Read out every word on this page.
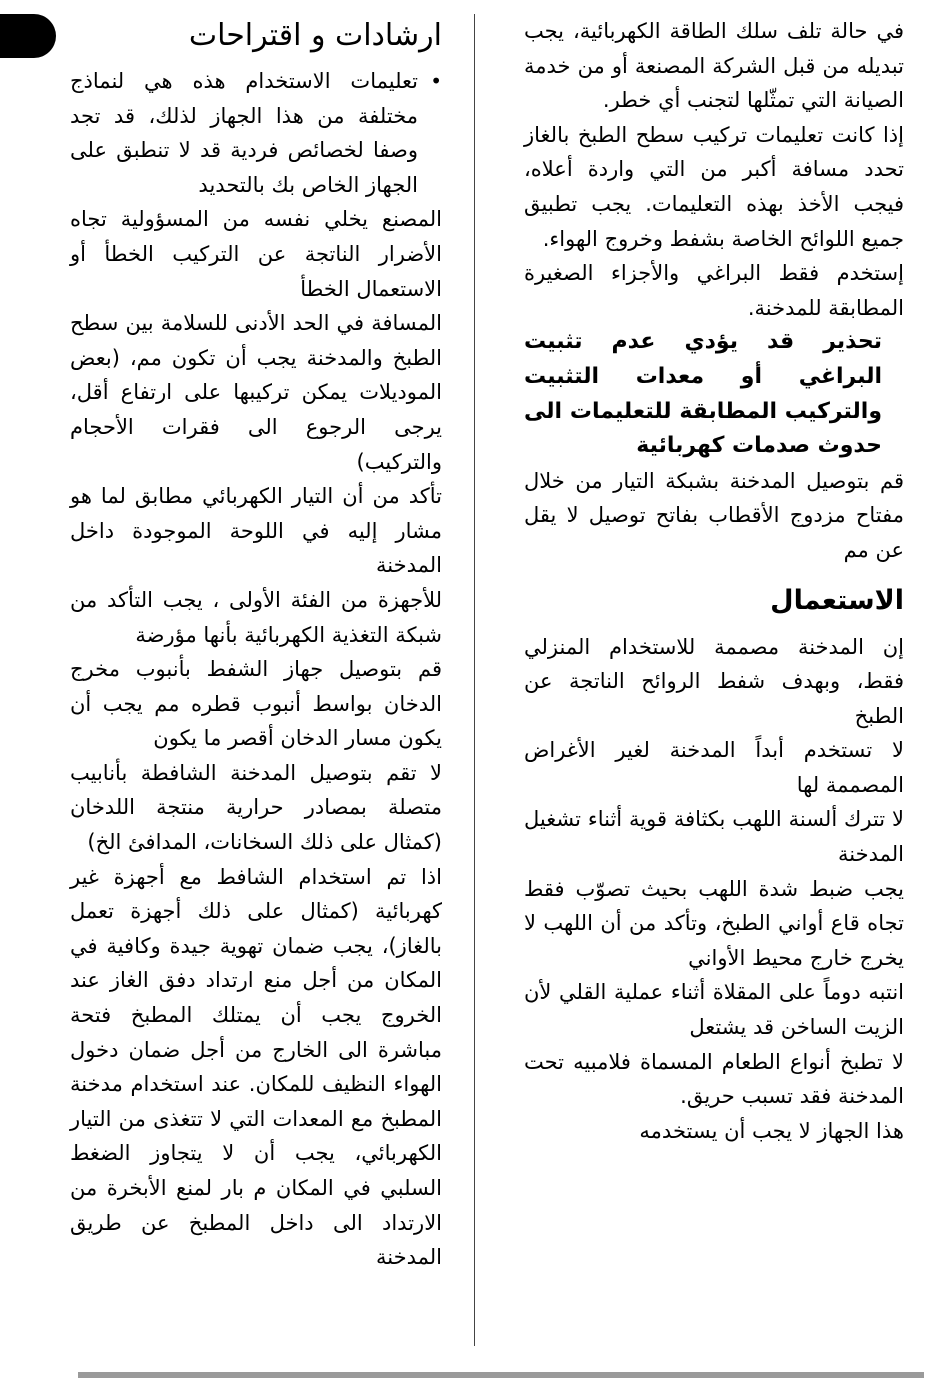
في حالة تلف سلك الطاقة الكهربائية، يجب تبديله من قبل الشركة المصنعة أو من خدمة الصيانة التي تمثّلها لتجنب أي خطر.

إذا كانت تعليمات تركيب سطح الطبخ بالغاز تحدد مسافة أكبر من التي واردة أعلاه، فيجب الأخذ بهذه التعليمات. يجب تطبيق جميع اللوائح الخاصة بشفط وخروج الهواء.

إستخدم فقط البراغي والأجزاء الصغيرة المطابقة للمدخنة.

تحذير قد يؤدي عدم تثبيت البراغي أو معدات التثبيت والتركيب المطابقة للتعليمات الى حدوث صدمات كهربائية

قم بتوصيل المدخنة بشبكة التيار من خلال مفتاح مزدوج الأقطاب بفاتح توصيل لا يقل عن مم

الاستعمال

إن المدخنة مصممة للاستخدام المنزلي فقط، وبهدف شفط الروائح الناتجة عن الطبخ

لا تستخدم أبداً المدخنة لغير الأغراض المصممة لها

لا تترك ألسنة اللهب بكثافة قوية أثناء تشغيل المدخنة

يجب ضبط شدة اللهب بحيث تصوّب فقط تجاه قاع أواني الطبخ، وتأكد من أن اللهب لا يخرج خارج محيط الأواني

انتبه دوماً على المقلاة أثناء عملية القلي لأن الزيت الساخن قد يشتعل

لا تطبخ أنواع الطعام المسماة فلامبيه تحت المدخنة فقد تسبب حريق.

هذا الجهاز لا يجب أن يستخدمه

ارشادات و اقتراحات

• تعليمات الاستخدام هذه هي لنماذج مختلفة من هذا الجهاز لذلك، قد تجد وصفا لخصائص فردية قد لا تنطبق على الجهاز الخاص بك بالتحديد

المصنع يخلي نفسه من المسؤولية تجاه الأضرار الناتجة عن التركيب الخطأ أو الاستعمال الخطأ

المسافة في الحد الأدنى للسلامة بين سطح الطبخ والمدخنة يجب أن تكون مم، (بعض الموديلات يمكن تركيبها على ارتفاع أقل، يرجى الرجوع الى فقرات الأحجام والتركيب)

تأكد من أن التيار الكهربائي مطابق لما هو مشار إليه في اللوحة الموجودة داخل المدخنة

للأجهزة من الفئة الأولى ، يجب التأكد من شبكة التغذية الكهربائية بأنها مؤرضة

قم بتوصيل جهاز الشفط بأنبوب مخرج الدخان بواسط أنبوب قطره مم يجب أن يكون مسار الدخان أقصر ما يكون

لا تقم بتوصيل المدخنة الشافطة بأنابيب متصلة بمصادر حرارية منتجة اللدخان (كمثال على ذلك السخانات، المدافئ الخ)

اذا تم استخدام الشافط مع أجهزة غير كهربائية (كمثال على ذلك أجهزة تعمل بالغاز)، يجب ضمان تهوية جيدة وكافية في المكان من أجل منع ارتداد دفق الغاز عند الخروج يجب أن يمتلك المطبخ فتحة مباشرة الى الخارج من أجل ضمان دخول الهواء النظيف للمكان. عند استخدام مدخنة المطبخ مع المعدات التي لا تتغذى من التيار الكهربائي، يجب أن لا يتجاوز الضغط السلبي في المكان م بار لمنع الأبخرة من الارتداد الى داخل المطبخ عن طريق المدخنة
